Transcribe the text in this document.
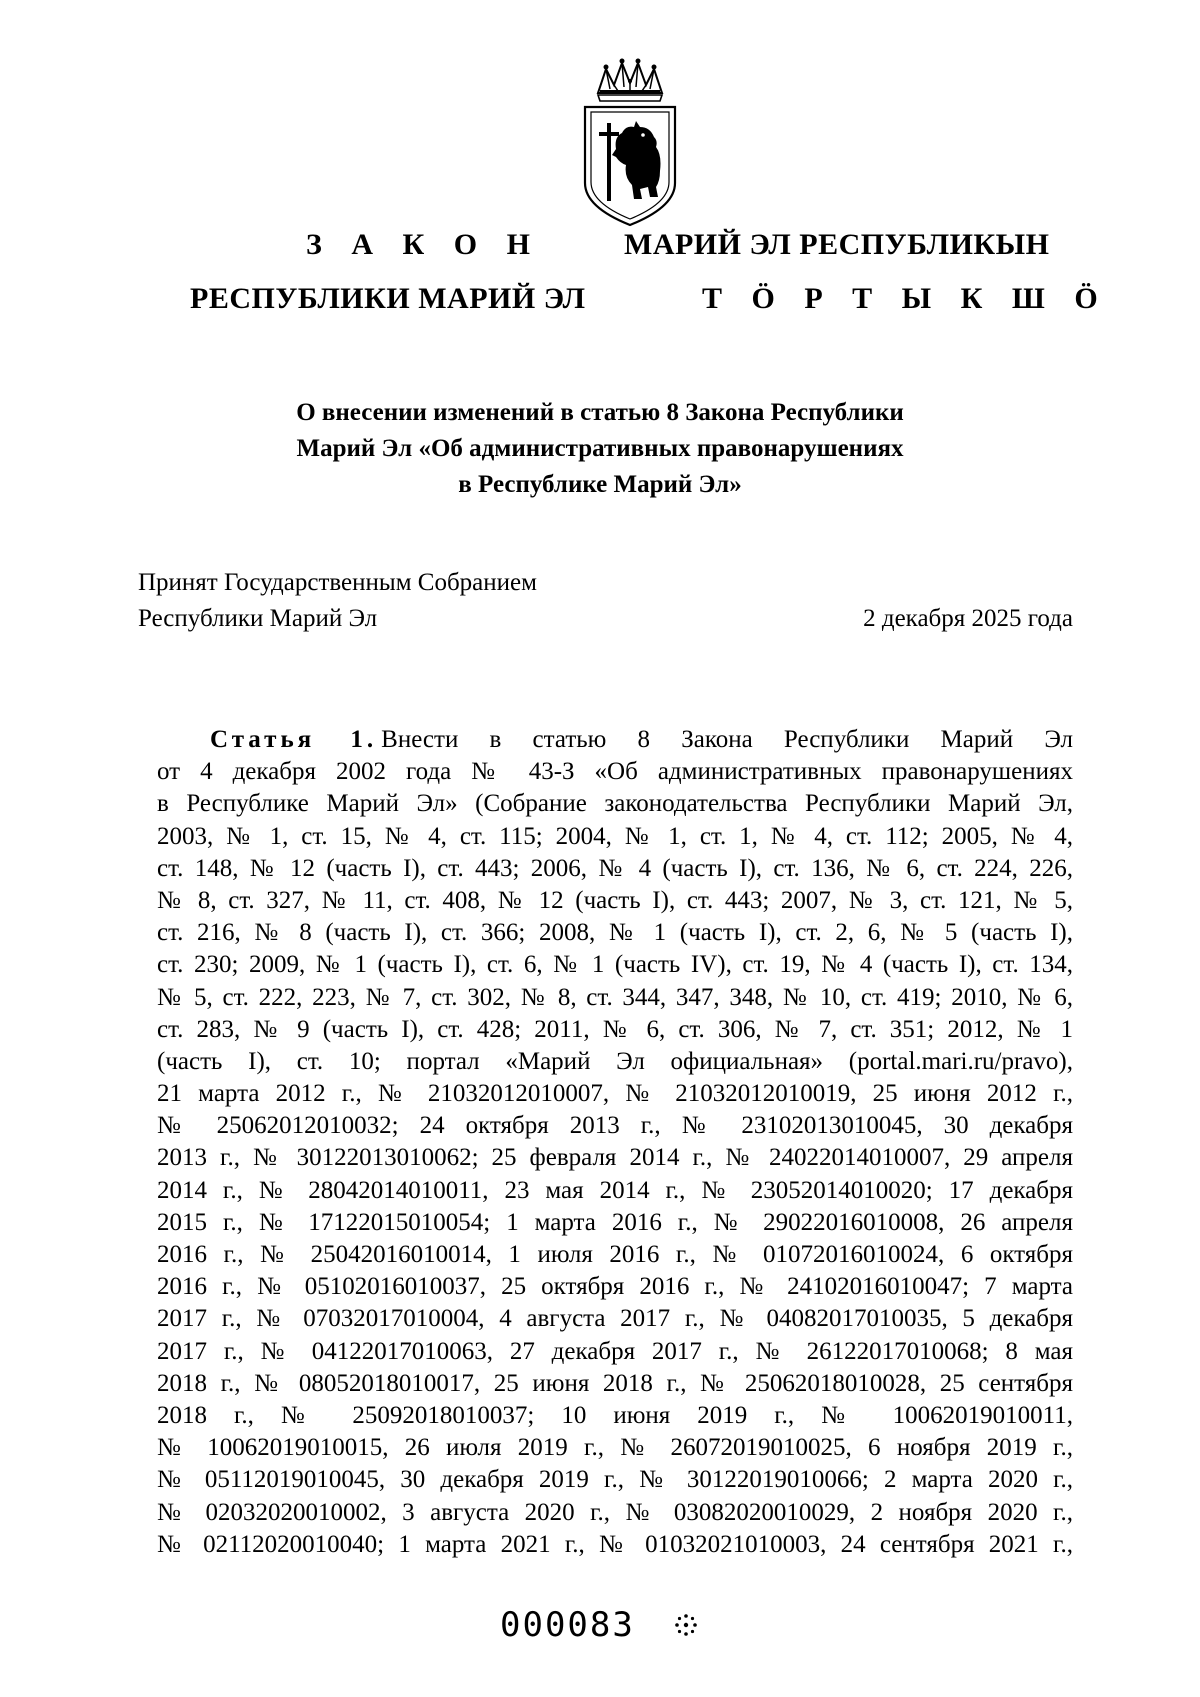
З А К О Н
РЕСПУБЛИКИ МАРИЙ ЭЛ
МАРИЙ ЭЛ РЕСПУБЛИКЫН
Т Ӧ Р Т Ы К Ш Ӧ
О внесении изменений в статью 8 Закона Республики
Марий Эл «Об административных правонарушениях
в Республике Марий Эл»
Принят Государственным Собранием
Республики Марий Эл	2 декабря 2025 года
Статья 1. Внести в статью 8 Закона Республики Марий Эл
от 4 декабря 2002 года № 43-З «Об административных правонарушениях
в Республике Марий Эл» (Собрание законодательства Республики Марий Эл,
2003, № 1, ст. 15, № 4, ст. 115; 2004, № 1, ст. 1, № 4, ст. 112; 2005, № 4,
ст. 148, № 12 (часть I), ст. 443; 2006, № 4 (часть I), ст. 136, № 6, ст. 224, 226,
№ 8, ст. 327, № 11, ст. 408, № 12 (часть I), ст. 443; 2007, № 3, ст. 121, № 5,
ст. 216, № 8 (часть I), ст. 366; 2008, № 1 (часть I), ст. 2, 6, № 5 (часть I),
ст. 230; 2009, № 1 (часть I), ст. 6, № 1 (часть IV), ст. 19, № 4 (часть I), ст. 134,
№ 5, ст. 222, 223, № 7, ст. 302, № 8, ст. 344, 347, 348, № 10, ст. 419; 2010, № 6,
ст. 283, № 9 (часть I), ст. 428; 2011, № 6, ст. 306, № 7, ст. 351; 2012, № 1
(часть I), ст. 10; портал «Марий Эл официальная» (portal.mari.ru/pravo),
21 марта 2012 г., № 21032012010007, № 21032012010019, 25 июня 2012 г.,
№ 25062012010032; 24 октября 2013 г., № 23102013010045, 30 декабря
2013 г., № 30122013010062; 25 февраля 2014 г., № 24022014010007, 29 апреля
2014 г., № 28042014010011, 23 мая 2014 г., № 23052014010020; 17 декабря
2015 г., № 17122015010054; 1 марта 2016 г., № 29022016010008, 26 апреля
2016 г., № 25042016010014, 1 июля 2016 г., № 01072016010024, 6 октября
2016 г., № 05102016010037, 25 октября 2016 г., № 24102016010047; 7 марта
2017 г., № 07032017010004, 4 августа 2017 г., № 04082017010035, 5 декабря
2017 г., № 04122017010063, 27 декабря 2017 г., № 26122017010068; 8 мая
2018 г., № 08052018010017, 25 июня 2018 г., № 25062018010028, 25 сентября
2018 г., № 25092018010037; 10 июня 2019 г., № 10062019010011,
№ 10062019010015, 26 июля 2019 г., № 26072019010025, 6 ноября 2019 г.,
№ 05112019010045, 30 декабря 2019 г., № 30122019010066; 2 марта 2020 г.,
№ 02032020010002, 3 августа 2020 г., № 03082020010029, 2 ноября 2020 г.,
№ 02112020010040; 1 марта 2021 г., № 01032021010003, 24 сентября 2021 г.,
000083
